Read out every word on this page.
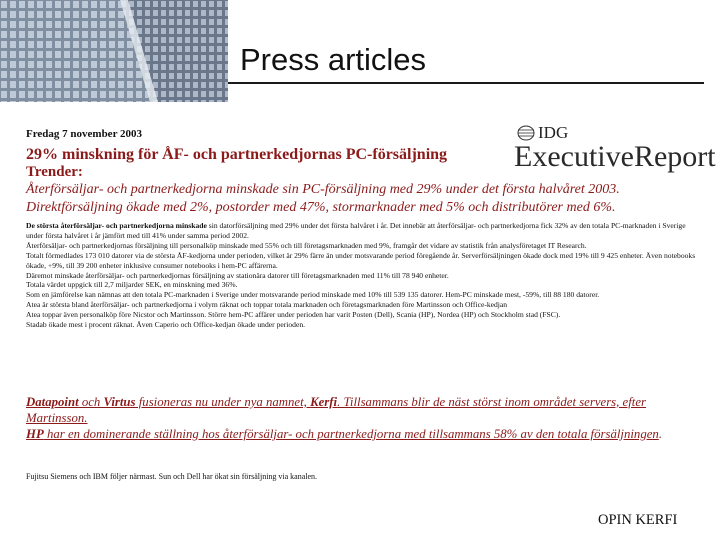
Press articles
Fredag 7 november 2003	IDG
ExecutiveReport
29% minskning för ÅF- och partnerkedjornas PC-försäljning
Trender:
Återförsäljar- och partnerkedjorna minskade sin PC-försäljning med 29% under det första halvåret 2003.
Direktförsäljning ökade med 2%, postorder med 47%, stormarknader med 5% och distributörer med 6%.

De största återförsäljar- och partnerkedjorna minskade sin datorförsäljning med 29% under det första halvåret i år. Det innebär att återförsäljar- och partnerkedjorna fick 32% av den totala PC-marknaden i Sverige under första halvåret i år jämfört med till 41% under samma period 2002.

Återförsäljar- och partnerkedjornas försäljning till personalköp minskade med 55% och till företagsmarknaden med 9%, framgår det vidare av statistik från analysföretaget IT Research.

Totalt förmedlades 173 010 datorer via de största ÅF-kedjorna under perioden, vilket är 29% färre än under motsvarande period föregående år. Serverförsäljningen ökade dock med 19% till 9 425 enheter. Även notebooks ökade, +9%, till 39 200 enheter inklusive consumer notebooks i hem-PC affärerna.

Däremot minskade återförsäljar- och partnerkedjornas försäljning av stationära datorer till företagsmarknaden med 11% till 78 940 enheter.

Totala värdet uppgick till 2,7 miljarder SEK, en minskning med 36%.

Som en jämförelse kan nämnas att den totala PC-marknaden i Sverige under motsvarande period minskade med 10% till 539 135 datorer. Hem-PC minskade mest, -59%, till 88 180 datorer.

Atea är största bland återförsäljar- och partnerkedjorna i volym räknat och toppar totala marknaden och företagsmarknaden före Martinsson och Office-kedjan

Atea toppar även personalköp före Nicstor och Martinsson. Större hem-PC affärer under perioden har varit Posten (Dell), Scania (HP), Nordea (HP) och Stockholm stad (FSC).

Stadab ökade mest i procent räknat. Även Caperio och Office-kedjan ökade under perioden.

Datapoint och Virtus fusioneras nu under nya namnet, Kerfi. Tillsammans blir de näst störst inom området servers, efter Martinsson.

HP har en dominerande ställning hos återförsäljar- och partnerkedjorna med tillsammans 58% av den totala försäljningen.

Fujitsu Siemens och IBM följer närmast. Sun och Dell har ökat sin försäljning via kanalen.
OPIN KERFI
